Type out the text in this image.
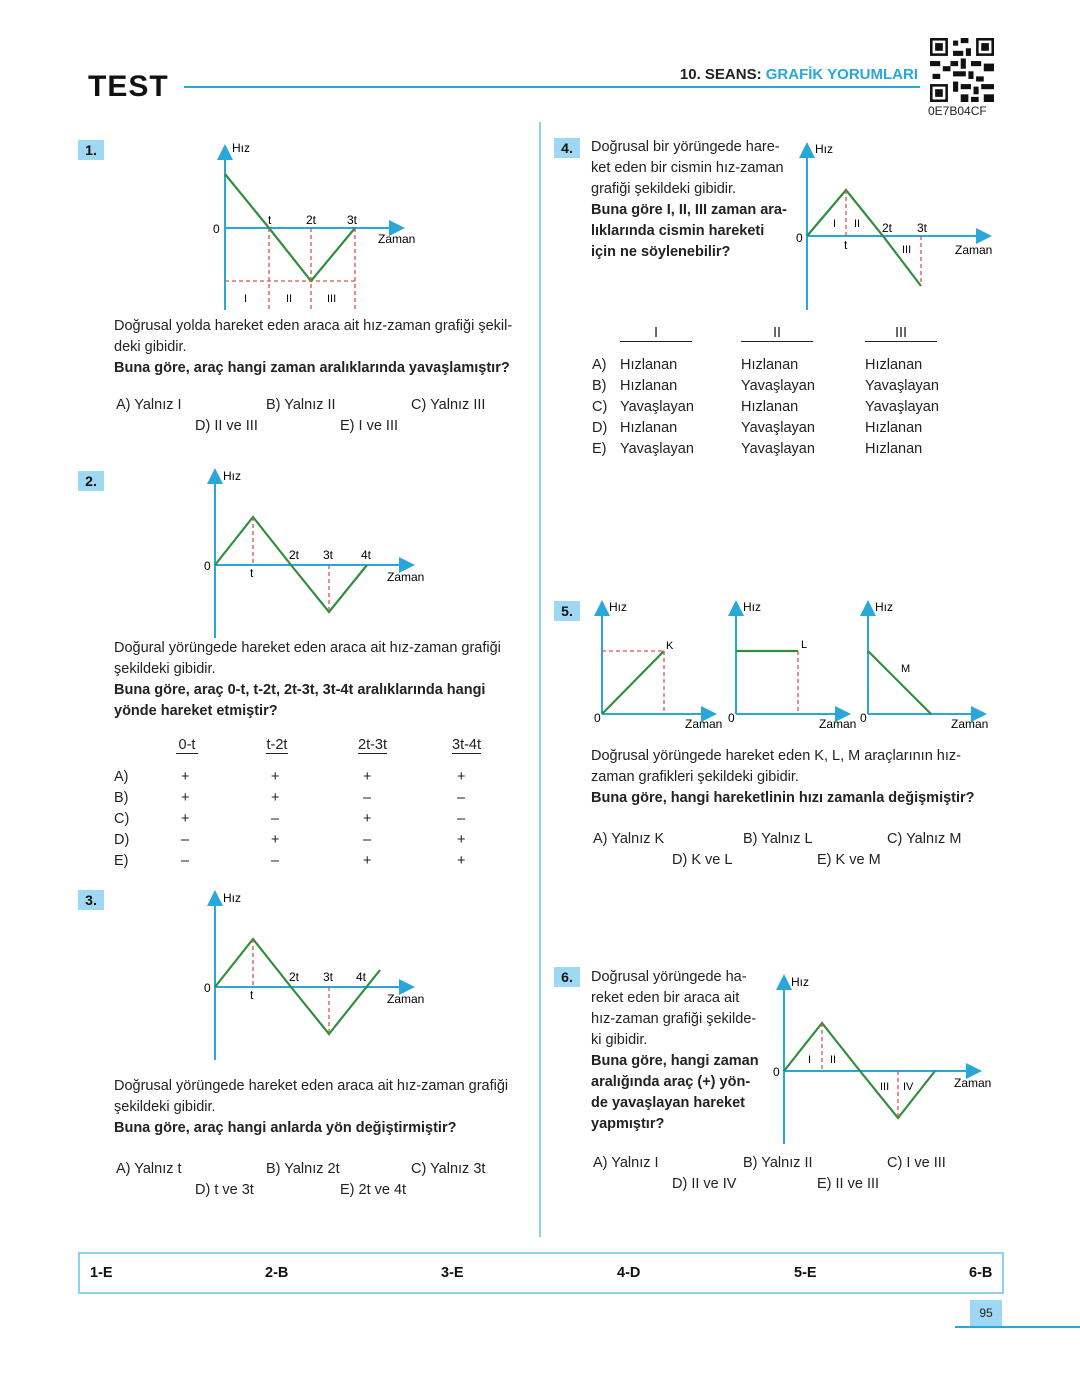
TEST	10. SEANS: GRAFİK YORUMLARI
0E7B04CF
1.	Hız
0
t	2t	3t
Zaman
I	II	III
Doğrusal yolda hareket eden araca ait hız-zaman grafiği şekil-
deki gibidir.
Buna göre, araç hangi zaman aralıklarında yavaşlamıştır?
A) Yalnız I	B) Yalnız II	C) Yalnız III
D) II ve III	E) I ve III
2.	Hız
0	t
2t 3t 4t
Zaman
Doğural yörüngede hareket eden araca ait hız-zaman grafiği
şekildeki gibidir.
Buna göre, araç 0-t, t-2t, 2t-3t, 3t-4t aralıklarında hangi
yönde hareket etmiştir?
	0-t	t-2t	2t-3t	3t-4t
A)	+	+	+	+
B)	+	+	–	–
C)	+	–	+	–
D)	–	+	–	+
E)	–	–	+	+
3.	Hız
0	t
2t 3t 4t
Zaman
Doğrusal yörüngede hareket eden araca ait hız-zaman grafiği
şekildeki gibidir.
Buna göre, araç hangi anlarda yön değiştirmiştir?
A) Yalnız t	B) Yalnız 2t	C) Yalnız 3t
D) t ve 3t	E) 2t ve 4t
4.	Doğrusal bir yörüngede hare-
ket eden bir cismin hız-zaman
grafiği şekildeki gibidir.
Buna göre I, II, III zaman ara-
lıklarında cismin hareketi
için ne söylenebilir?
Hız
0	t
I II 2t 3t
III	Zaman
	I	II	III
A)	Hızlanan	Hızlanan	Hızlanan
B)	Hızlanan	Yavaşlayan	Yavaşlayan
C)	Yavaşlayan	Hızlanan	Yavaşlayan
D)	Hızlanan	Yavaşlayan	Hızlanan
E)	Yavaşlayan	Yavaşlayan	Hızlanan
5.	Hız
0
K
Zaman
Hız
0
L
Zaman
Hız
0
M
Zaman
Doğrusal yörüngede hareket eden K, L, M araçlarının hız-
zaman grafikleri şekildeki gibidir.
Buna göre, hangi hareketlinin hızı zamanla değişmiştir?
A) Yalnız K	B) Yalnız L	C) Yalnız M
D) K ve L	E) K ve M
6.	Doğrusal yörüngede ha-
reket eden bir araca ait
hız-zaman grafiği şekilde-
ki gibidir.
Buna göre, hangi zaman
aralığında araç (+) yön-
de yavaşlayan hareket
yapmıştır?
Hız
0
I II
III IV	Zaman
A) Yalnız I	B) Yalnız II	C) I ve III
D) II ve IV	E) II ve III
1-E	2-B	3-E	4-D	5-E	6-B
95
